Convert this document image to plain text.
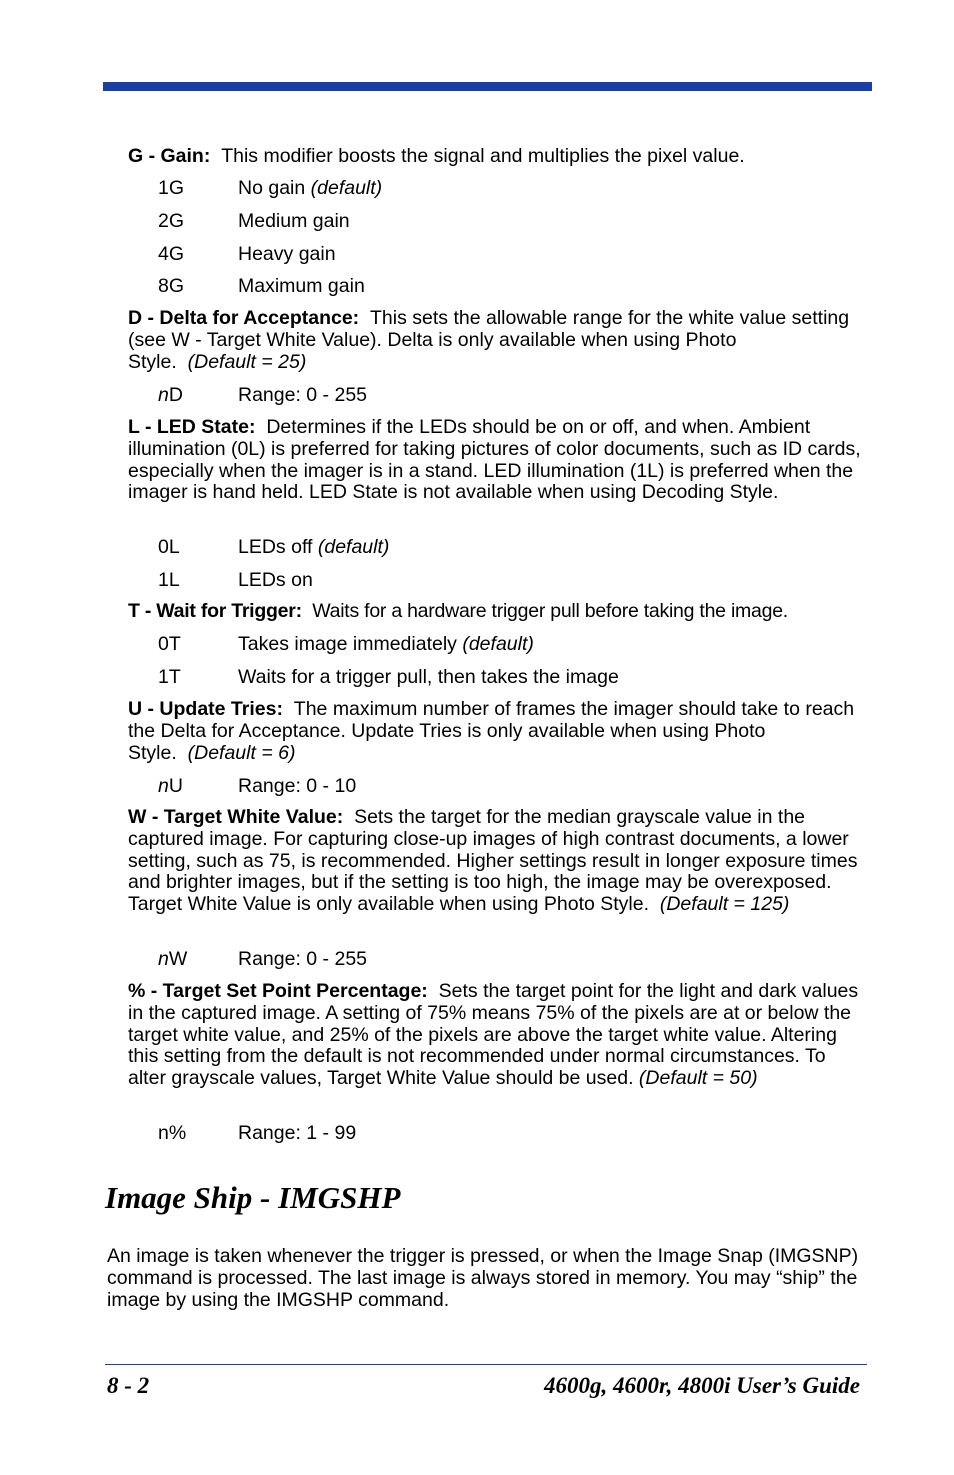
G - Gain: This modifier boosts the signal and multiplies the pixel value.

1G	No gain (default)
2G	Medium gain
4G	Heavy gain
8G	Maximum gain

D - Delta for Acceptance: This sets the allowable range for the white value setting (see W - Target White Value). Delta is only available when using Photo Style. (Default = 25)

nD	Range: 0 - 255

L - LED State: Determines if the LEDs should be on or off, and when. Ambient illumination (0L) is preferred for taking pictures of color documents, such as ID cards, especially when the imager is in a stand. LED illumination (1L) is preferred when the imager is hand held. LED State is not available when using Decoding Style.

0L	LEDs off (default)
1L	LEDs on

T - Wait for Trigger: Waits for a hardware trigger pull before taking the image.

0T	Takes image immediately (default)
1T	Waits for a trigger pull, then takes the image

U - Update Tries: The maximum number of frames the imager should take to reach the Delta for Acceptance. Update Tries is only available when using Photo Style. (Default = 6)

nU	Range: 0 - 10

W - Target White Value: Sets the target for the median grayscale value in the captured image. For capturing close-up images of high contrast documents, a lower setting, such as 75, is recommended. Higher settings result in longer exposure times and brighter images, but if the setting is too high, the image may be overexposed. Target White Value is only available when using Photo Style. (Default = 125)

nW	Range: 0 - 255

% - Target Set Point Percentage: Sets the target point for the light and dark values in the captured image. A setting of 75% means 75% of the pixels are at or below the target white value, and 25% of the pixels are above the target white value. Altering this setting from the default is not recommended under normal circumstances. To alter grayscale values, Target White Value should be used. (Default = 50)

n%	Range: 1 - 99
Image Ship - IMGSHP

An image is taken whenever the trigger is pressed, or when the Image Snap (IMGSNP) command is processed. The last image is always stored in memory. You may “ship” the image by using the IMGSHP command.

8 - 2	4600g, 4600r, 4800i User’s Guide
